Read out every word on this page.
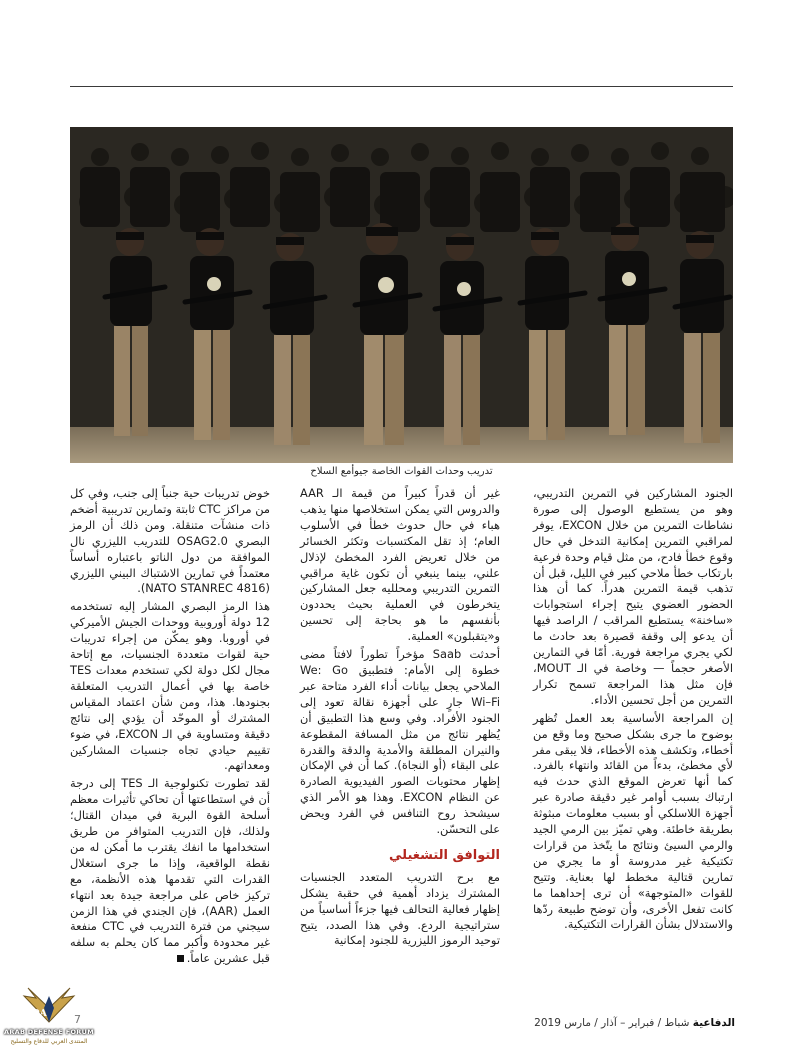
تدريب وحدات القوات الخاصة جيوأمع السلاح

الجنود المشاركين في التمرين التدريبي، وهو من يستطيع الوصول إلى صورة نشاطات التمرين من خلال EXCON، يوفر لمراقبي التمرين إمكانية التدخل في حال وقوع خطأ فادح، من مثل قيام وحدة فرعية بارتكاب خطأ ملاحي كبير في الليل، قبل أن تذهب قيمة التمرين هدراً. كما أن هذا الحضور العضوي يتيح إجراء استجوابات «ساخنة» يستطيع المراقب / الراصد فيها أن يدعو إلى وقفة قصيرة بعد حادث ما لكي يجري مراجعة فورية. أمّا في التمارين الأصغر حجماً — وخاصة في الـ MOUT، فإن مثل هذا المراجعة تسمح تكرار التمرين من أجل تحسين الأداء.

إن المراجعة الأساسية بعد العمل تُظهر بوضوح ما جرى بشكل صحيح وما وقع من أخطاء، وتكشف هذه الأخطاء، فلا يبقى مفر لأي مخطئ، بدءاً من القائد وانتهاء بالفرد. كما أنها تعرض الموقع الذي حدث فيه ارتباك بسبب أوامر غير دقيقة صادرة عبر أجهزة اللاسلكي أو بسبب معلومات مبثوثة بطريقة خاطئة. وهي تميّز بين الرمي الجيد والرمي السيئ ونتائج ما يتّخذ من قرارات تكتيكية غير مدروسة أو ما يجري من تمارين قتالية مخطط لها بعناية. وتتيح للقوات «المتوجهة» أن ترى إحداهما ما كانت تفعل الأخرى، وأن توضح طبيعة ردّها والاستدلال بشأن القرارات التكتيكية.

غير أن قدراً كبيراً من قيمة الـ AAR والدروس التي يمكن استخلاصها منها يذهب هباء في حال حدوث خطأ في الأسلوب العام؛ إذ تقل المكتسبات وتكثر الخسائر من خلال تعريض الفرد المخطئ لإذلال علني، بينما ينبغي أن تكون غاية مراقبي التمرين التدريبي ومحلليه جعل المشاركين يتخرطون في العملية بحيث يحددون بأنفسهم ما هو بحاجة إلى تحسين و«يتقبلون» العملية.

أحدثت Saab مؤخراً تطوراً لافتاً مضى خطوة إلى الأمام: فتطبيق We: Go الملاحي يجعل بيانات أداء الفرد متاحة عبر Wi–Fi جارٍ على أجهزة نقالة تعود إلى الجنود الأفراد. وفي وسع هذا التطبيق أن يُظهر نتائج من مثل المسافة المقطوعة والنيران المطلقة والأمدية والدقة والقدرة على البقاء (أو النجاة). كما أن في الإمكان إظهار محتويات الصور الفيديوية الصادرة عن النظام EXCON. وهذا هو الأمر الذي سيشحذ روح التنافس في الفرد ويحض على التحسّن.

التوافق التشغيلي

مع برح التدريب المتعدد الجنسيات المشترك يزداد أهمية في حقبة يشكل إظهار فعالية التحالف فيها جزءاً أساسياً من ستراتيجية الردع. وفي هذا الصدد، يتيح توحيد الرموز الليزرية للجنود إمكانية

خوض تدريبات حية جنباً إلى جنب، وفي كل من مراكز CTC ثابتة وتمارين تدريبية أضخم ذات منشآت متنقلة. ومن ذلك أن الرمز البصري OSAG2.0 للتدريب الليزري نال الموافقة من دول الناتو باعتباره أساساً معتمداً في تمارين الاشتباك البيني الليزري (NATO STANREC 4816).

هذا الرمز البصري المشار إليه تستخدمه 12 دولة أوروبية ووحدات الجيش الأميركي في أوروبا. وهو يمكّن من إجراء تدريبات حية لقوات متعددة الجنسيات، مع إتاحة مجال لكل دولة لكي تستخدم معدات TES خاصة بها في أعمال التدريب المتعلقة بجنودها. هذا، ومن شأن اعتماد المقياس المشترك أو الموحّد أن يؤدي إلى نتائج دقيقة ومتساوية في الـ EXCON، في ضوء تقييم حيادي تجاه جنسيات المشاركين ومعداتهم.

لقد تطورت تكنولوجية الـ TES إلى درجة أن في استطاعتها أن تحاكي تأثيرات معظم أسلحة القوة البرية في ميدان القتال؛ ولذلك، فإن التدريب المتوافر من طريق استخدامها ما انفك يقترب ما أمكن له من نقطة الواقعية، وإذا ما جرى استغلال القدرات التي تقدمها هذه الأنظمة، مع تركيز خاص على مراجعة جيدة بعد انتهاء العمل (AAR)، فإن الجندي في هذا الزمن سيجني من فترة التدريب في CTC منفعة غير محدودة وأكبر مما كان يحلم به سلفه قبل عشرين عاماً.

الدفاعية شباط / فبراير – آذار / مارس 2019
7
DA
ARAB DEFENSE FORUM
المنتدى العربي للدفاع والتسليح
